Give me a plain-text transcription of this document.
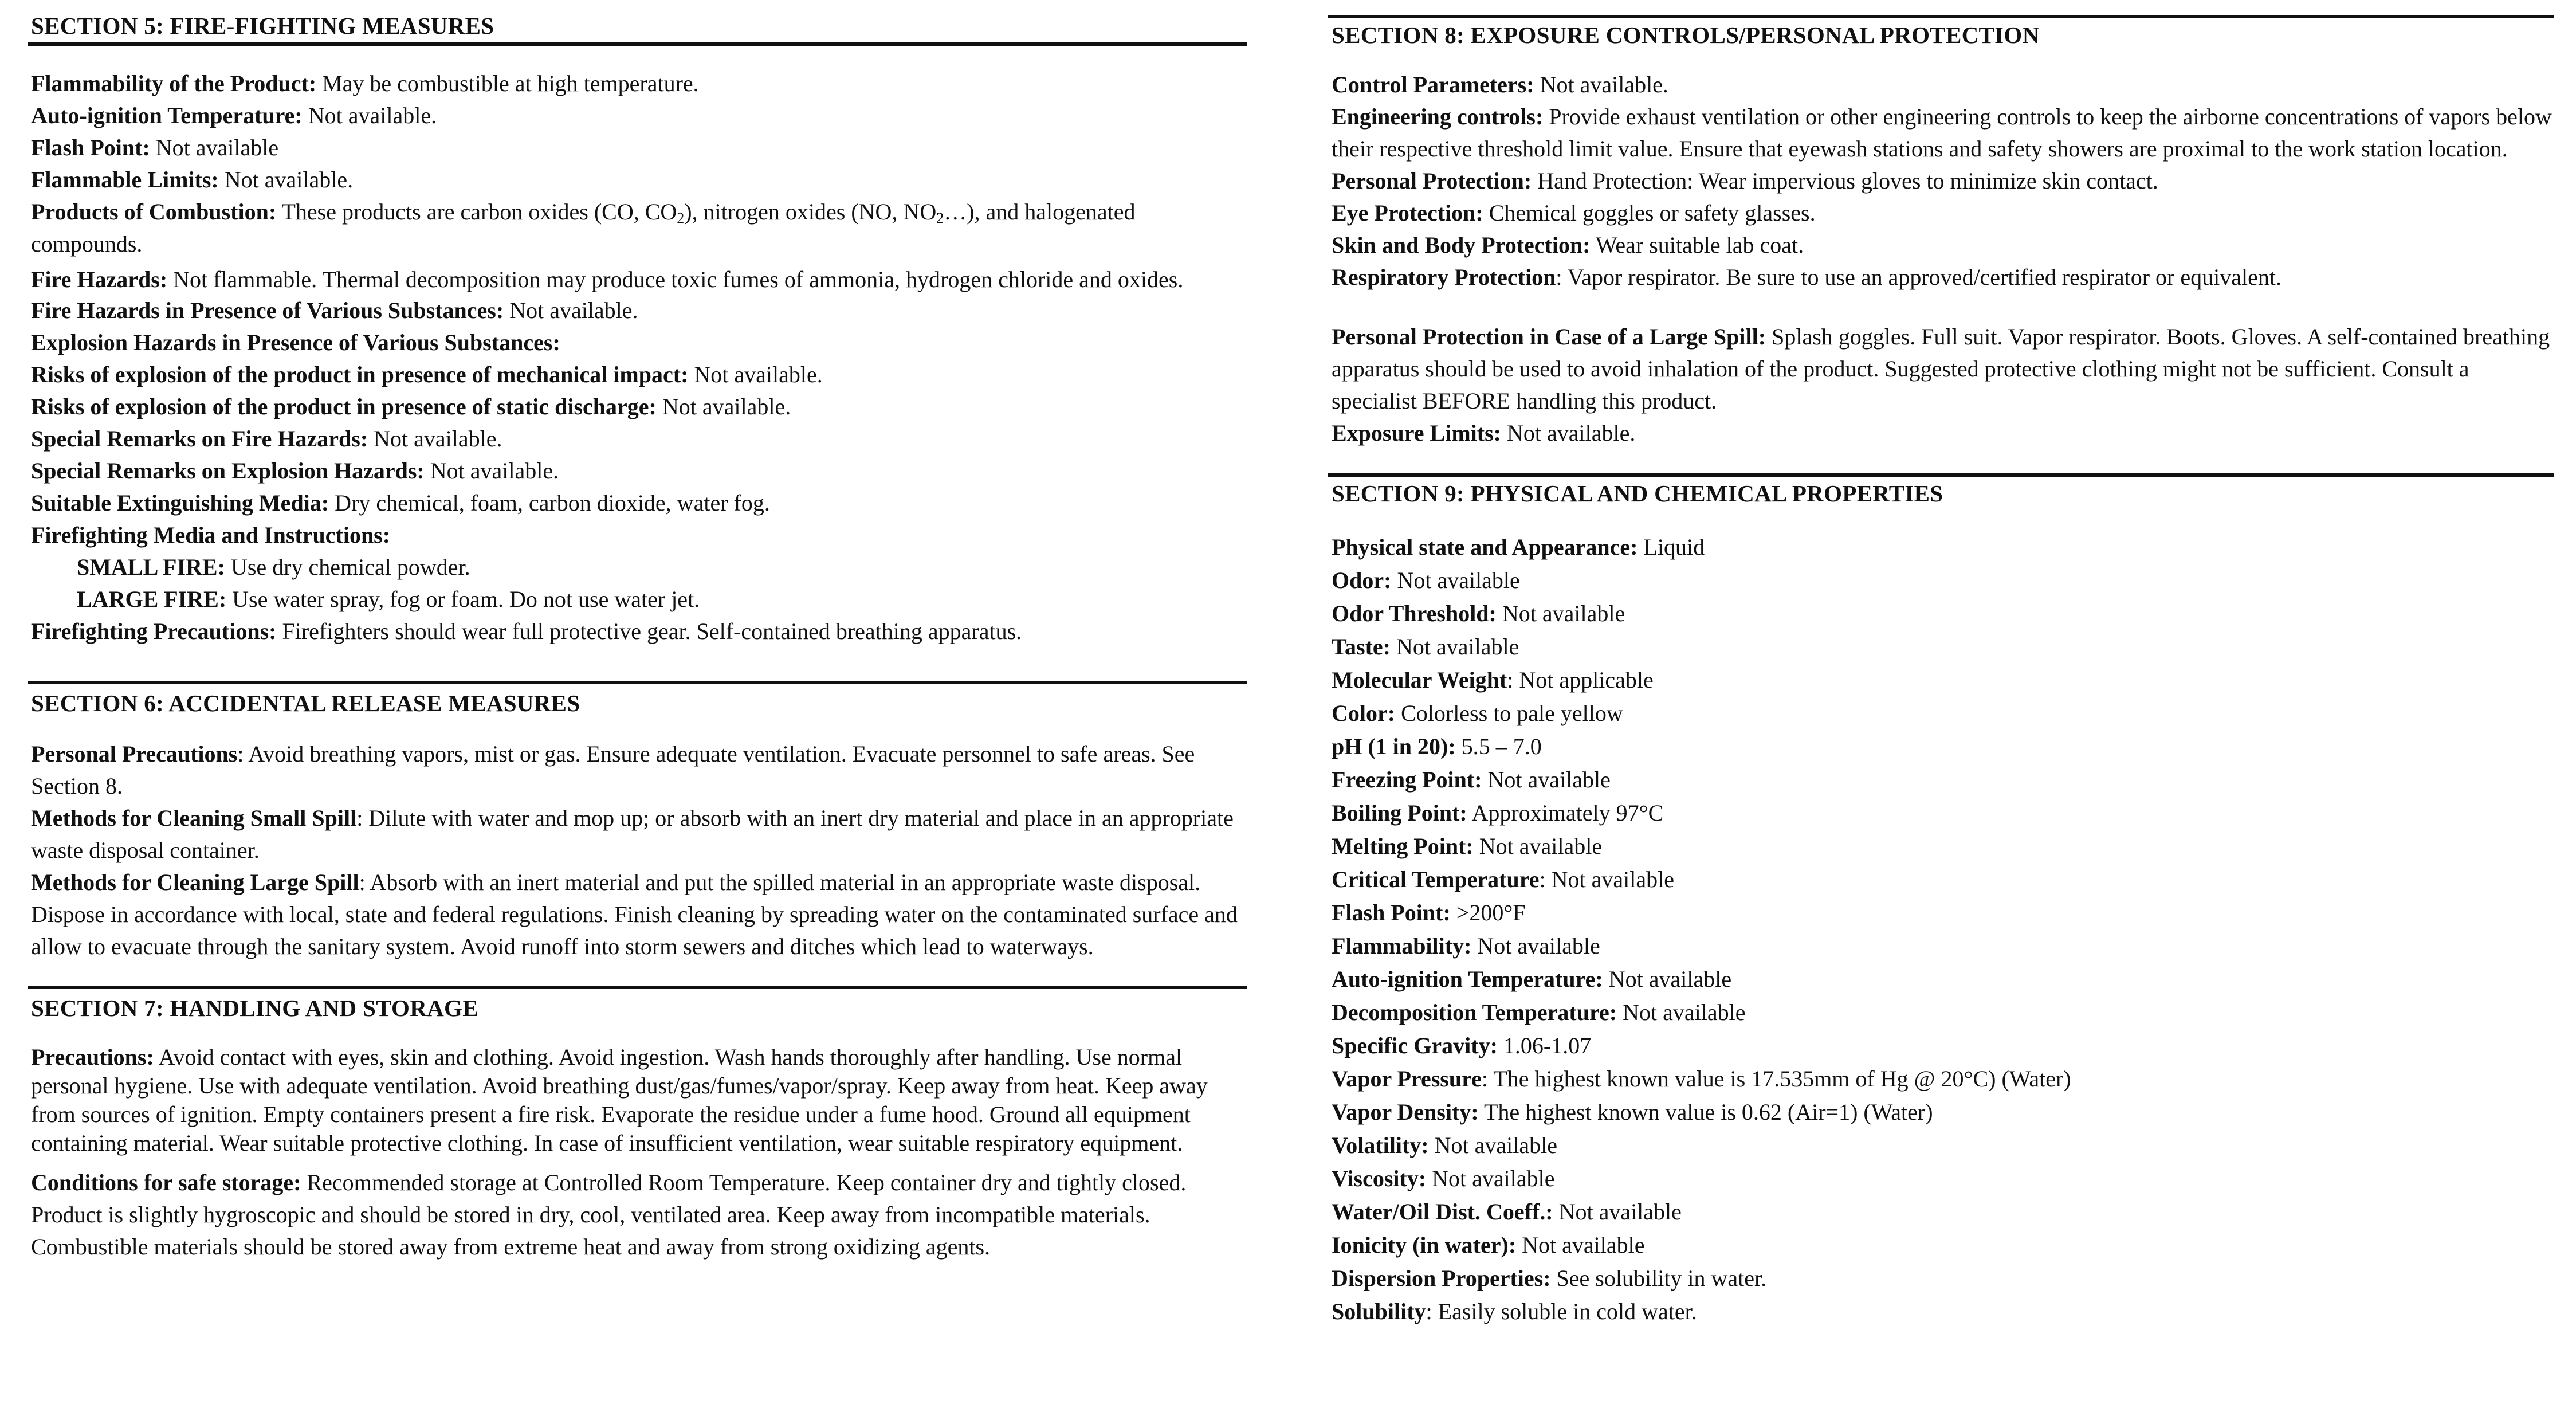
SECTION 5: FIRE-FIGHTING MEASURES

Flammability of the Product: May be combustible at high temperature.

Auto-ignition Temperature: Not available.

Flash Point: Not available

Flammable Limits: Not available.

Products of Combustion: These products are carbon oxides (CO, $CO_2$), nitrogen oxides (NO, $NO_2\dots$), and halogenated compounds.

Fire Hazards: Not flammable. Thermal decomposition may produce toxic fumes of ammonia, hydrogen chloride and oxides.

Fire Hazards in Presence of Various Substances: Not available.

Explosion Hazards in Presence of Various Substances:

Risks of explosion of the product in presence of mechanical impact: Not available.

Risks of explosion of the product in presence of static discharge: Not available.

Special Remarks on Fire Hazards: Not available.

Special Remarks on Explosion Hazards: Not available.

Suitable Extinguishing Media: Dry chemical, foam, carbon dioxide, water fog.

Firefighting Media and Instructions:

SMALL FIRE: Use dry chemical powder.

LARGE FIRE: Use water spray, fog or foam. Do not use water jet.

Firefighting Precautions: Firefighters should wear full protective gear. Self-contained breathing apparatus.

SECTION 6: ACCIDENTAL RELEASE MEASURES

Personal Precautions: Avoid breathing vapors, mist or gas. Ensure adequate ventilation. Evacuate personnel to safe areas. See Section 8.

Methods for Cleaning Small Spill: Dilute with water and mop up; or absorb with an inert dry material and place in an appropriate waste disposal container.

Methods for Cleaning Large Spill: Absorb with an inert material and put the spilled material in an appropriate waste disposal. Dispose in accordance with local, state and federal regulations. Finish cleaning by spreading water on the contaminated surface and allow to evacuate through the sanitary system. Avoid runoff into storm sewers and ditches which lead to waterways.

SECTION 7: HANDLING AND STORAGE

Precautions: Avoid contact with eyes, skin and clothing. Avoid ingestion. Wash hands thoroughly after handling. Use normal personal hygiene. Use with adequate ventilation. Avoid breathing dust/gas/fumes/vapor/spray. Keep away from heat. Keep away from sources of ignition. Empty containers present a fire risk. Evaporate the residue under a fume hood. Ground all equipment containing material. Wear suitable protective clothing. In case of insufficient ventilation, wear suitable respiratory equipment.

Conditions for safe storage: Recommended storage at Controlled Room Temperature. Keep container dry and tightly closed. Product is slightly hygroscopic and should be stored in dry, cool, ventilated area. Keep away from incompatible materials. Combustible materials should be stored away from extreme heat and away from strong oxidizing agents.

SECTION 8: EXPOSURE CONTROLS/PERSONAL PROTECTION

Control Parameters: Not available.

Engineering controls: Provide exhaust ventilation or other engineering controls to keep the airborne concentrations of vapors below their respective threshold limit value. Ensure that eyewash stations and safety showers are proximal to the work station location.

Personal Protection: Hand Protection: Wear impervious gloves to minimize skin contact.

Eye Protection: Chemical goggles or safety glasses.

Skin and Body Protection: Wear suitable lab coat.

Respiratory Protection: Vapor respirator. Be sure to use an approved/certified respirator or equivalent.

Personal Protection in Case of a Large Spill: Splash goggles. Full suit. Vapor respirator. Boots. Gloves. A self-contained breathing apparatus should be used to avoid inhalation of the product. Suggested protective clothing might not be sufficient. Consult a specialist BEFORE handling this product.

Exposure Limits: Not available.

SECTION 9: PHYSICAL AND CHEMICAL PROPERTIES

Physical state and Appearance: Liquid

Odor: Not available

Odor Threshold: Not available

Taste: Not available

Molecular Weight: Not applicable

Color: Colorless to pale yellow

pH (1 in 20): 5.5 – 7.0

Freezing Point: Not available

Boiling Point: Approximately 97°C

Melting Point: Not available

Critical Temperature: Not available

Flash Point: >200°F

Flammability: Not available

Auto-ignition Temperature: Not available

Decomposition Temperature: Not available

Specific Gravity: 1.06-1.07

Vapor Pressure: The highest known value is 17.535mm of Hg @ 20°C) (Water)

Vapor Density: The highest known value is 0.62 (Air=1) (Water)

Volatility: Not available

Viscosity: Not available

Water/Oil Dist. Coeff.: Not available

Ionicity (in water): Not available

Dispersion Properties: See solubility in water.

Solubility: Easily soluble in cold water.
